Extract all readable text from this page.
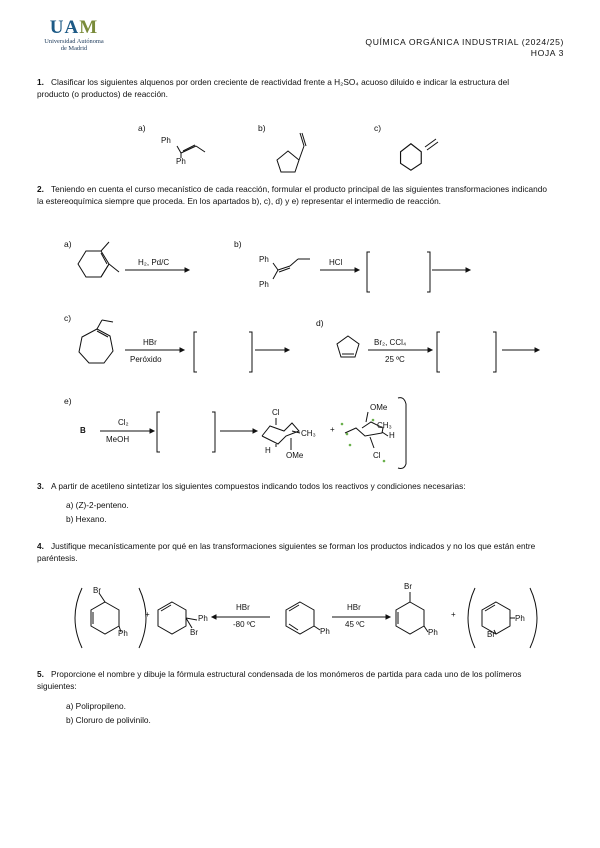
UAM
Universidad Autónoma
de Madrid
QUÍMICA ORGÁNICA INDUSTRIAL (2024/25)
HOJA 3
1. Clasificar los siguientes alquenos por orden creciente de reactividad frente a H₂SO₄ acuoso diluido e indicar la estructura del producto (o productos) de reacción.
2. Teniendo en cuenta el curso mecanístico de cada reacción, formular el producto principal de las siguientes transformaciones indicando la estereoquímica siempre que proceda. En los apartados b), c), d) y e) representar el intermedio de reacción.
3. A partir de acetileno sintetizar los siguientes compuestos indicando todos los reactivos y condiciones necesarias:
a) (Z)-2-penteno.
b) Hexano.
4. Justifique mecanísticamente por qué en las transformaciones siguientes se forman los productos indicados y no los que están entre paréntesis.
5. Proporcione el nombre y dibuje la fórmula estructural condensada de los monómeros de partida para cada uno de los polímeros siguientes:
a) Polipropileno.
b) Cloruro de polivinilo.
a)	b)	c)
Ph
Ph
a)
H₂, Pd/C
b)
Ph
Ph
HCl
c)
HBr
Peróxido
d)
Br₂, CCl₄
25 ºC
e)
B
Cl₂
MeOH
Cl
CH₃
H
OMe
+
OMe
CH₃
H
Cl
Br
Ph
+	Ph
Br
HBr
-80 ºC
Ph
HBr
45 ºC
Br
Ph
+	Ph
Br
